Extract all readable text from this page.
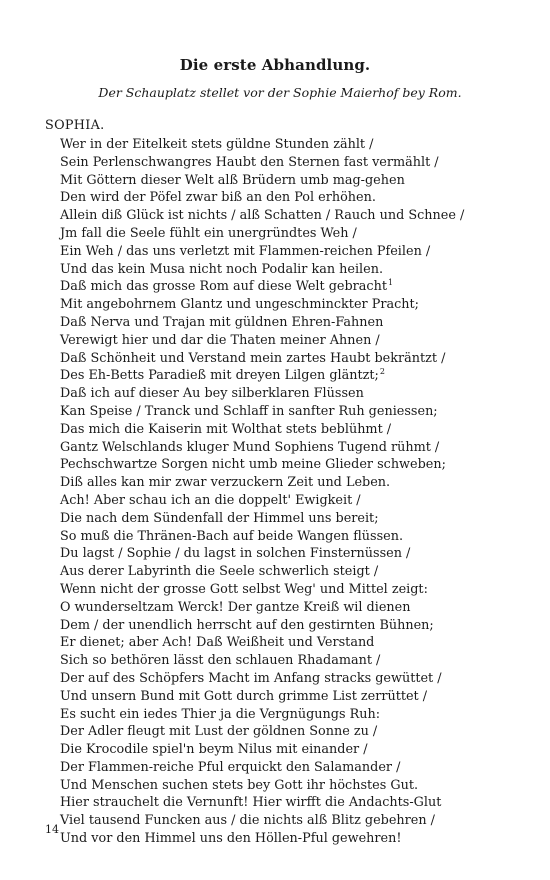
Die erste Abhandlung.
Der Schauplatz stellet vor der Sophie Maierhof bey Rom.
SOPHIA.
Wer in der Eitelkeit stets güldne Stunden zählt /
Sein Perlenschwangres Haubt den Sternen fast vermählt /
Mit Göttern dieser Welt alß Brüdern umb mag-gehen
Den wird der Pöfel zwar biß an den Pol erhöhen.
Allein diß Glück ist nichts / alß Schatten / Rauch und Schnee /
Jm fall die Seele fühlt ein unergründtes Weh /
Ein Weh / das uns verletzt mit Flammen-reichen Pfeilen /
Und das kein Musa nicht noch Podalir kan heilen.
Daß mich das grosse Rom auf diese Welt gebracht$^1$
Mit angebohrnem Glantz und ungeschminckter Pracht;
Daß Nerva und Trajan mit güldnen Ehren-Fahnen
Verewigt hier und dar die Thaten meiner Ahnen /
Daß Schönheit und Verstand mein zartes Haubt bekräntzt /
Des Eh-Betts Paradieß mit dreyen Lilgen gläntzt;$^2$
Daß ich auf dieser Au bey silberklaren Flüssen
Kan Speise / Tranck und Schlaff in sanfter Ruh geniessen;
Das mich die Kaiserin mit Wolthat stets beblühmt /
Gantz Welschlands kluger Mund Sophiens Tugend rühmt /
Pechschwartze Sorgen nicht umb meine Glieder schweben;
Diß alles kan mir zwar verzuckern Zeit und Leben.
Ach! Aber schau ich an die doppelt' Ewigkeit /
Die nach dem Sündenfall der Himmel uns bereit;
So muß die Thränen-Bach auf beide Wangen flüssen.
Du lagst / Sophie / du lagst in solchen Finsternüssen /
Aus derer Labyrinth die Seele schwerlich steigt /
Wenn nicht der grosse Gott selbst Weg' und Mittel zeigt:
O wunderseltzam Werck! Der gantze Kreiß wil dienen
Dem / der unendlich herrscht auf den gestirnten Bühnen;
Er dienet; aber Ach! Daß Weißheit und Verstand
Sich so bethören lässt den schlauen Rhadamant /
Der auf des Schöpfers Macht im Anfang stracks gewüttet /
Und unsern Bund mit Gott durch grimme List zerrüttet /
Es sucht ein iedes Thier ja die Vergnügungs Ruh:
Der Adler fleugt mit Lust der göldnen Sonne zu /
Die Krocodile spiel'n beym Nilus mit einander /
Der Flammen-reiche Pful erquickt den Salamander /
Und Menschen suchen stets bey Gott ihr höchstes Gut.
Hier strauchelt die Vernunft! Hier wirfft die Andachts-Glut
Viel tausend Funcken aus / die nichts alß Blitz gebehren /
Und vor den Himmel uns den Höllen-Pful gewehren!
14
